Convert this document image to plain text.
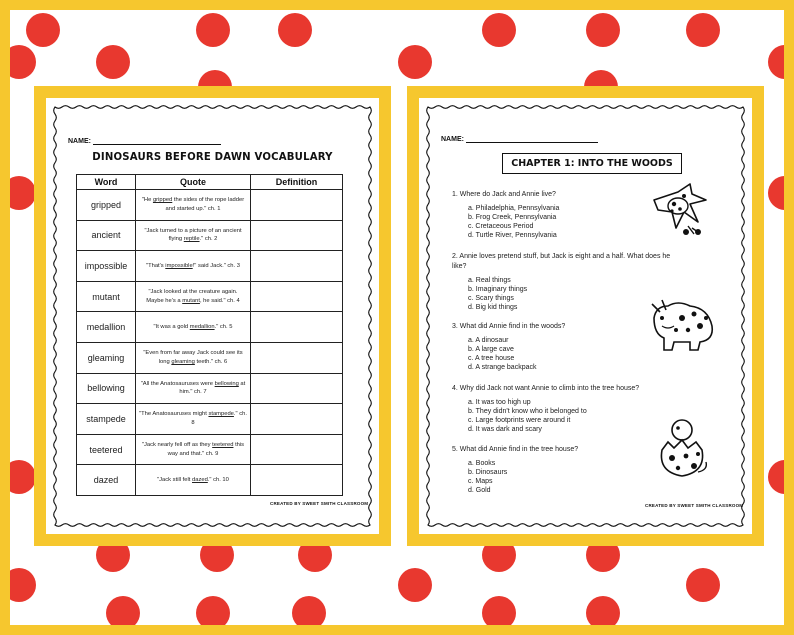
NAME:
DINOSAURS BEFORE DAWN VOCABULARY
Word	Quote	Definition
gripped	"He gripped the sides of the rope ladder and started up." ch. 1	
ancient	"Jack turned to a picture of an ancient flying reptile." ch. 2	
impossible	"That's impossible!" said Jack." ch. 3	
mutant	"Jack looked at the creature again. Maybe he's a mutant, he said." ch. 4	
medallion	"It was a gold medallion." ch. 5	
gleaming	"Even from far away Jack could see its long gleaming teeth." ch. 6	
bellowing	"All the Anatosauruses were bellowing at him." ch. 7	
stampede	"The Anatosauruses might stampede." ch. 8	
teetered	"Jack nearly fell off as they teetered this way and that." ch. 9	
dazed	"Jack still felt dazed." ch. 10	
CREATED BY SWEET SMITH CLASSROOM
NAME:
CHAPTER 1: INTO THE WOODS
CREATED BY SWEET SMITH CLASSROOM
1. Where do Jack and Annie live?
a. Philadelphia, Pennsylvania
b. Frog Creek, Pennsylvania
c. Cretaceous Period
d. Turtle River, Pennsylvania
2. Annie loves pretend stuff, but Jack is eight and a half. What does he like?
a. Real things
b. Imaginary things
c. Scary things
d. Big kid things
3. What did Annie find in the woods?
a. A dinosaur
b. A large cave
c. A tree house
d. A strange backpack
4. Why did Jack not want Annie to climb into the tree house?
a. It was too high up
b. They didn't know who it belonged to
c. Large footprints were around it
d. It was dark and scary
5. What did Annie find in the tree house?
a. Books
b. Dinosaurs
c. Maps
d. Gold
